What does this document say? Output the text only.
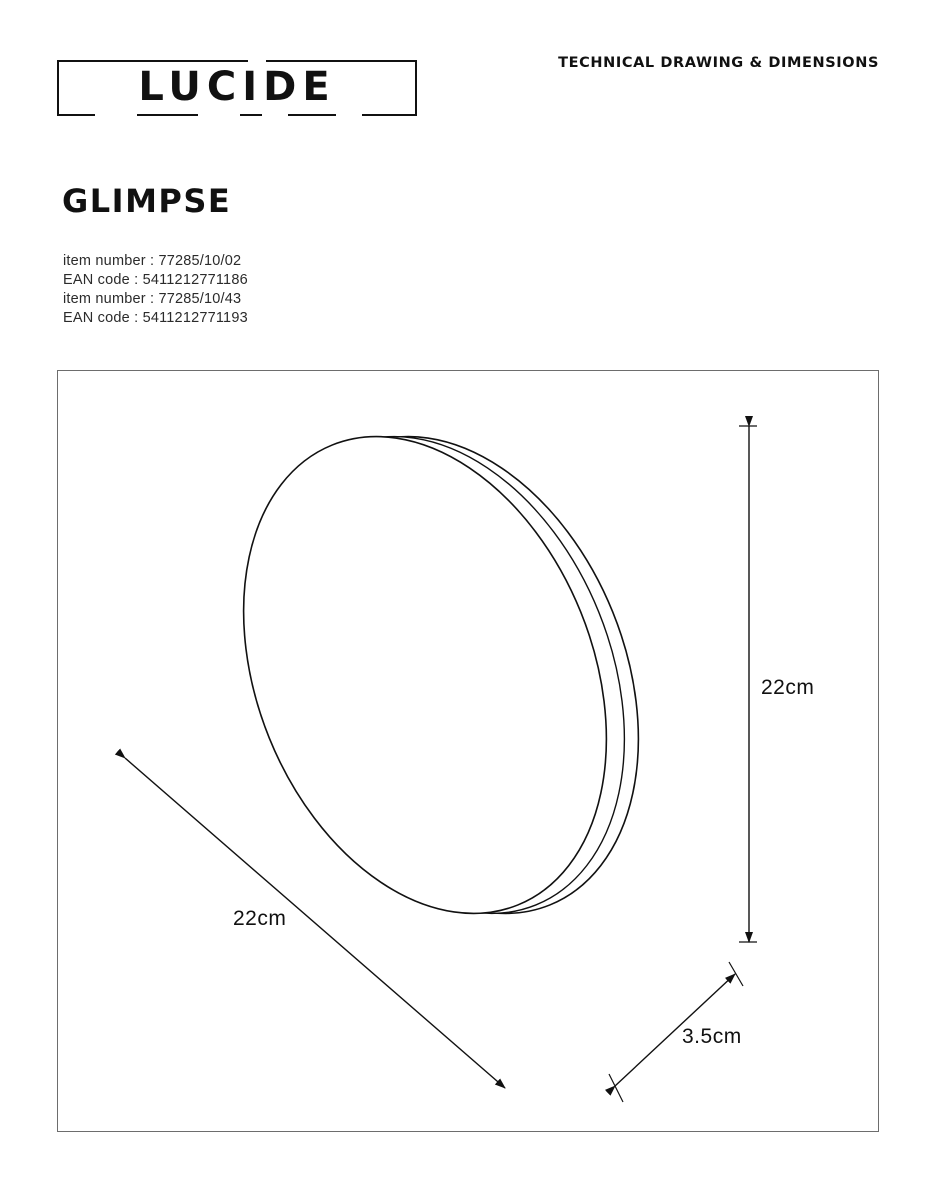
LUCIDE
TECHNICAL DRAWING & DIMENSIONS
GLIMPSE
item number : 77285/10/02
EAN code : 5411212771186
item number : 77285/10/43
EAN code : 5411212771193
22cm
22cm
3.5cm
